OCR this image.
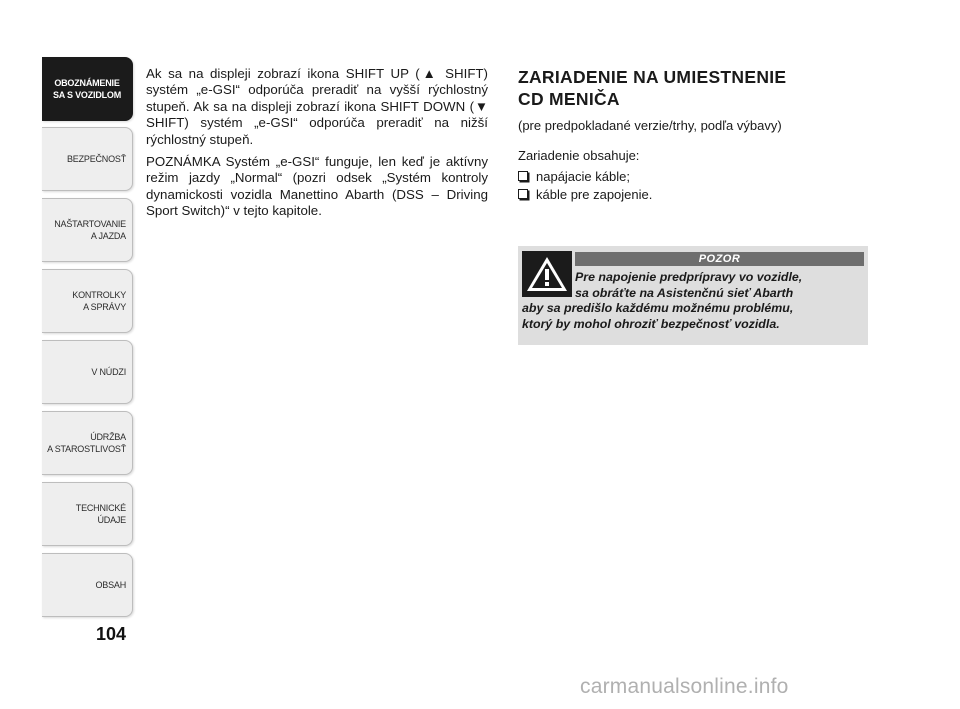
OBOZNÁMENIE
SA S VOZIDLOM
BEZPEČNOSŤ
NAŠTARTOVANIE
A JAZDA
KONTROLKY
A SPRÁVY
V NÚDZI
ÚDRŽBA
A STAROSTLIVOSŤ
TECHNICKÉ
ÚDAJE
OBSAH
104

Ak sa na displeji zobrazí ikona SHIFT UP (▲ SHIFT) systém „e-GSI“ odporúča preradiť na vyšší rýchlostný stupeň. Ak sa na displeji zobrazí ikona SHIFT DOWN (▼ SHIFT) systém „e-GSI“ odporúča preradiť na nižší rýchlostný stupeň.

POZNÁMKA Systém „e-GSI“ funguje, len keď je aktívny režim jazdy „Normal“ (pozri odsek „Systém kontroly dynamickosti vozidla Manettino Abarth (DSS – Driving Sport Switch)“ v tejto kapitole.

ZARIADENIE NA UMIESTNENIE
CD MENIČA

(pre predpokladané verzie/trhy, podľa výbavy)

Zariadenie obsahuje:

napájacie káble;
káble pre zapojenie.
POZOR
Pre napojenie predprípravy vo vozidle,
sa obráťte na Asistenčnú sieť Abarth
aby sa predišlo každému možnému problému,
ktorý by mohol ohroziť bezpečnosť vozidla.
carmanualsonline.info
